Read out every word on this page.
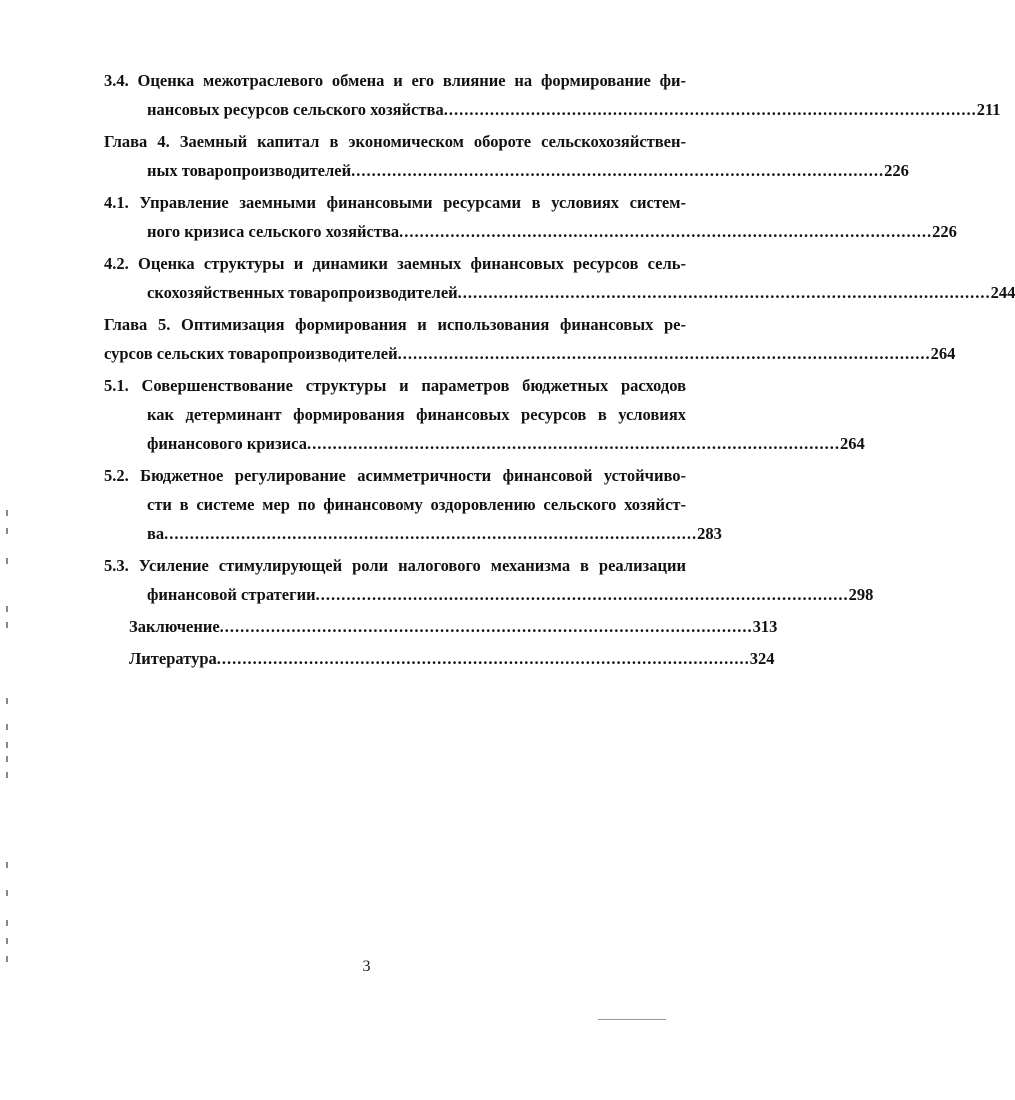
3.4. Оценка межотраслевого обмена и его влияние на формирование фи-
нансовых ресурсов сельского хозяйства ........................................................................................................ 211
Глава 4. Заемный капитал в экономическом обороте сельскохозяйствен-
ных товаропроизводителей ........................................................................................................ 226
4.1. Управление заемными финансовыми ресурсами в условиях систем-
ного кризиса сельского хозяйства ........................................................................................................ 226
4.2. Оценка структуры и динамики заемных финансовых ресурсов сель-
скохозяйственных товаропроизводителей ........................................................................................................ 244
Глава 5. Оптимизация формирования и использования финансовых ре-
сурсов сельских товаропроизводителей ........................................................................................................ 264
5.1. Совершенствование структуры и параметров бюджетных расходов
как детерминант формирования финансовых ресурсов в условиях
финансового кризиса ........................................................................................................ 264
5.2. Бюджетное регулирование асимметричности финансовой устойчиво-
сти в системе мер по финансовому оздоровлению сельского хозяйст-
ва ........................................................................................................ 283
5.3. Усиление стимулирующей роли налогового механизма в реализации
финансовой стратегии ........................................................................................................ 298
Заключение ........................................................................................................ 313
Литература ........................................................................................................ 324
3
